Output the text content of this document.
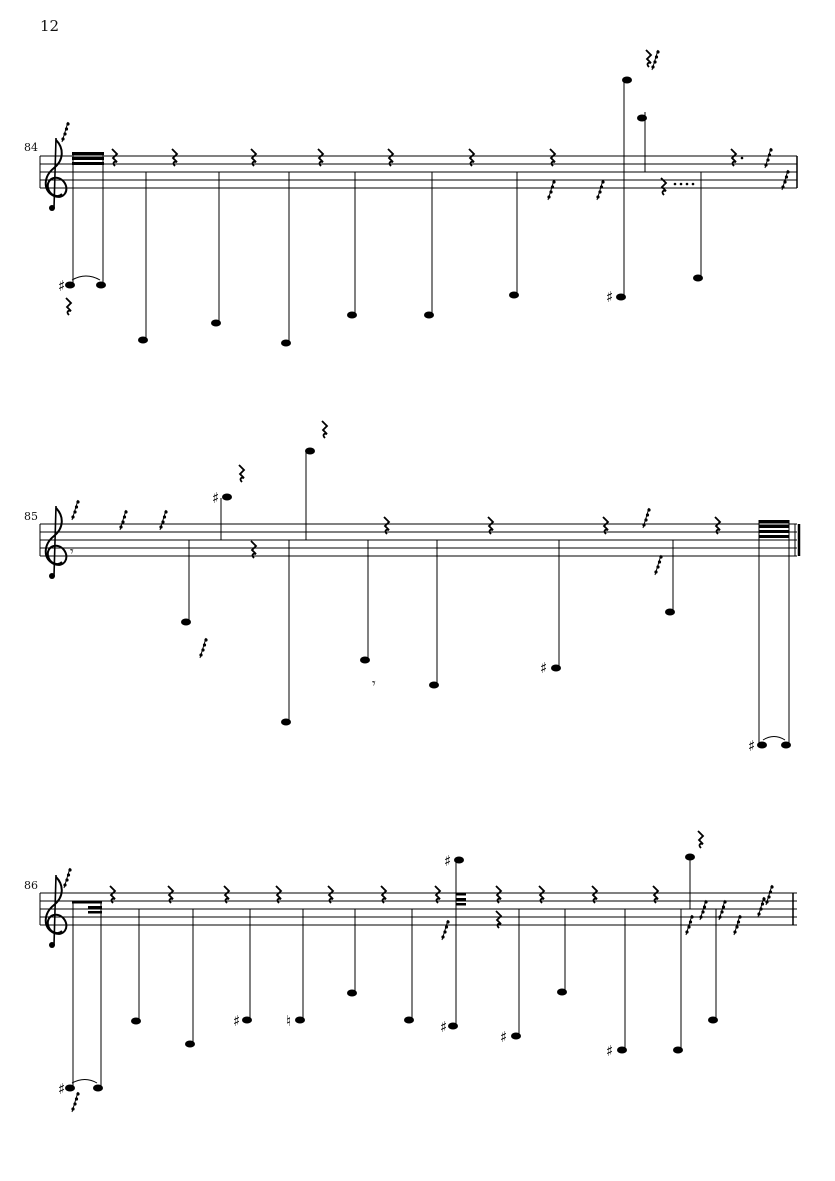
12
84
85
86
♯
♯
♯
♯
♯
𝄾
𝄾
♯
♯	♮	♯
♯
♯
♯
